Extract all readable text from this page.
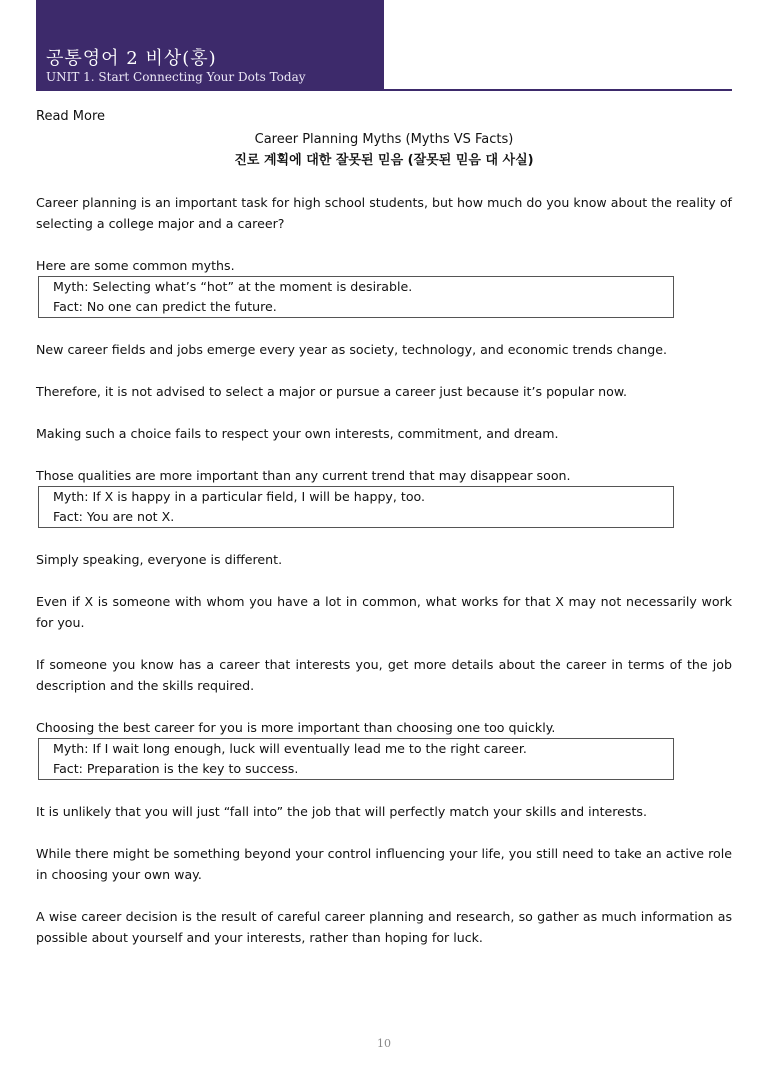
공통영어 2 비상(홍)
UNIT 1. Start Connecting Your Dots Today

Read More

Career Planning Myths (Myths VS Facts)

진로 계획에 대한 잘못된 믿음 (잘못된 믿음 대 사실)

Career planning is an important task for high school students, but how much do you know about the reality of selecting a college major and a career?

Here are some common myths.

Myth: Selecting what’s “hot” at the moment is desirable.
Fact: No one can predict the future.

New career fields and jobs emerge every year as society, technology, and economic trends change.

Therefore, it is not advised to select a major or pursue a career just because it’s popular now.

Making such a choice fails to respect your own interests, commitment, and dream.

Those qualities are more important than any current trend that may disappear soon.

Myth: If X is happy in a particular field, I will be happy, too.
Fact: You are not X.

Simply speaking, everyone is different.

Even if X is someone with whom you have a lot in common, what works for that X may not necessarily work for you.

If someone you know has a career that interests you, get more details about the career in terms of the job description and the skills required.

Choosing the best career for you is more important than choosing one too quickly.

Myth: If I wait long enough, luck will eventually lead me to the right career.
Fact: Preparation is the key to success.

It is unlikely that you will just “fall into” the job that will perfectly match your skills and interests.

While there might be something beyond your control influencing your life, you still need to take an active role in choosing your own way.

A wise career decision is the result of careful career planning and research, so gather as much information as possible about yourself and your interests, rather than hoping for luck.

10
